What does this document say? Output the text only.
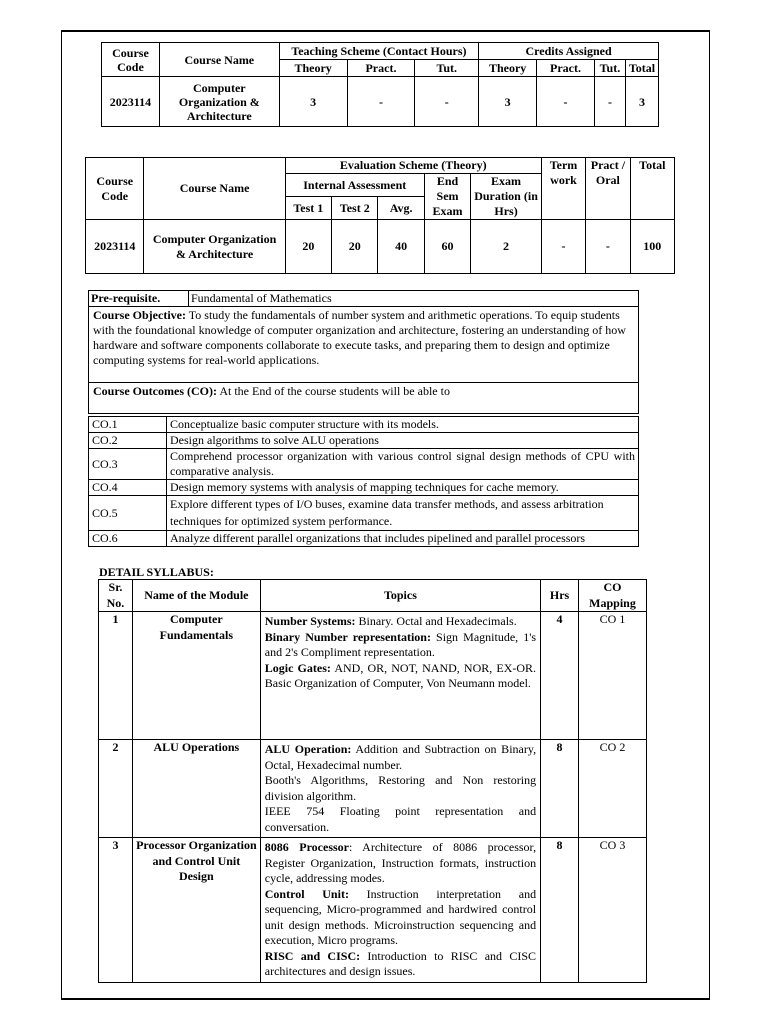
Course Code	Course Name	Teaching Scheme (Contact Hours)			Credits Assigned			
		Theory	Pract.	Tut.	Theory	Pract.	Tut.	Total
2023114	Computer Organization & Architecture	3	-	-	3	-	-	3
Course Code	Course Name	Evaluation Scheme (Theory)					Term work	Pract / Oral	Total
		Internal Assessment			End Sem Exam	Exam Duration (in Hrs)			
		Test 1	Test 2	Avg.					
2023114	Computer Organization & Architecture	20	20	40	60	2	-	-	100
Pre-requisite.	Fundamental of Mathematics
Course Objective: To study the fundamentals of number system and arithmetic operations. To equip students with the foundational knowledge of computer organization and architecture, fostering an understanding of how hardware and software components collaborate to execute tasks, and preparing them to design and optimize computing systems for real-world applications.
Course Outcomes (CO): At the End of the course students will be able to
CO.1	Conceptualize basic computer structure with its models.
CO.2	Design algorithms to solve ALU operations
CO.3	Comprehend processor organization with various control signal design methods of CPU with comparative analysis.
CO.4	Design memory systems with analysis of mapping techniques for cache memory.
CO.5	Explore different types of I/O buses, examine data transfer methods, and assess arbitration techniques for optimized system performance.
CO.6	Analyze different parallel organizations that includes pipelined and parallel processors
DETAIL SYLLABUS:
Sr. No.	Name of the Module	Topics	Hrs	CO Mapping
1	Computer Fundamentals	Number Systems: Binary. Octal and Hexadecimals.
Binary Number representation: Sign Magnitude, 1's and 2's Compliment representation.
Logic Gates: AND, OR, NOT, NAND, NOR, EX-OR. Basic Organization of Computer, Von Neumann model.	4	CO 1
2	ALU Operations	ALU Operation: Addition and Subtraction on Binary, Octal, Hexadecimal number.
Booth's Algorithms, Restoring and Non restoring division algorithm.
IEEE 754 Floating point representation and conversation.	8	CO 2
3	Processor Organization and Control Unit Design	8086 Processor: Architecture of 8086 processor, Register Organization, Instruction formats, instruction cycle, addressing modes.
Control Unit: Instruction interpretation and sequencing, Micro-programmed and hardwired control unit design methods. Microinstruction sequencing and execution, Micro programs.
RISC and CISC: Introduction to RISC and CISC architectures and design issues.	8	CO 3
